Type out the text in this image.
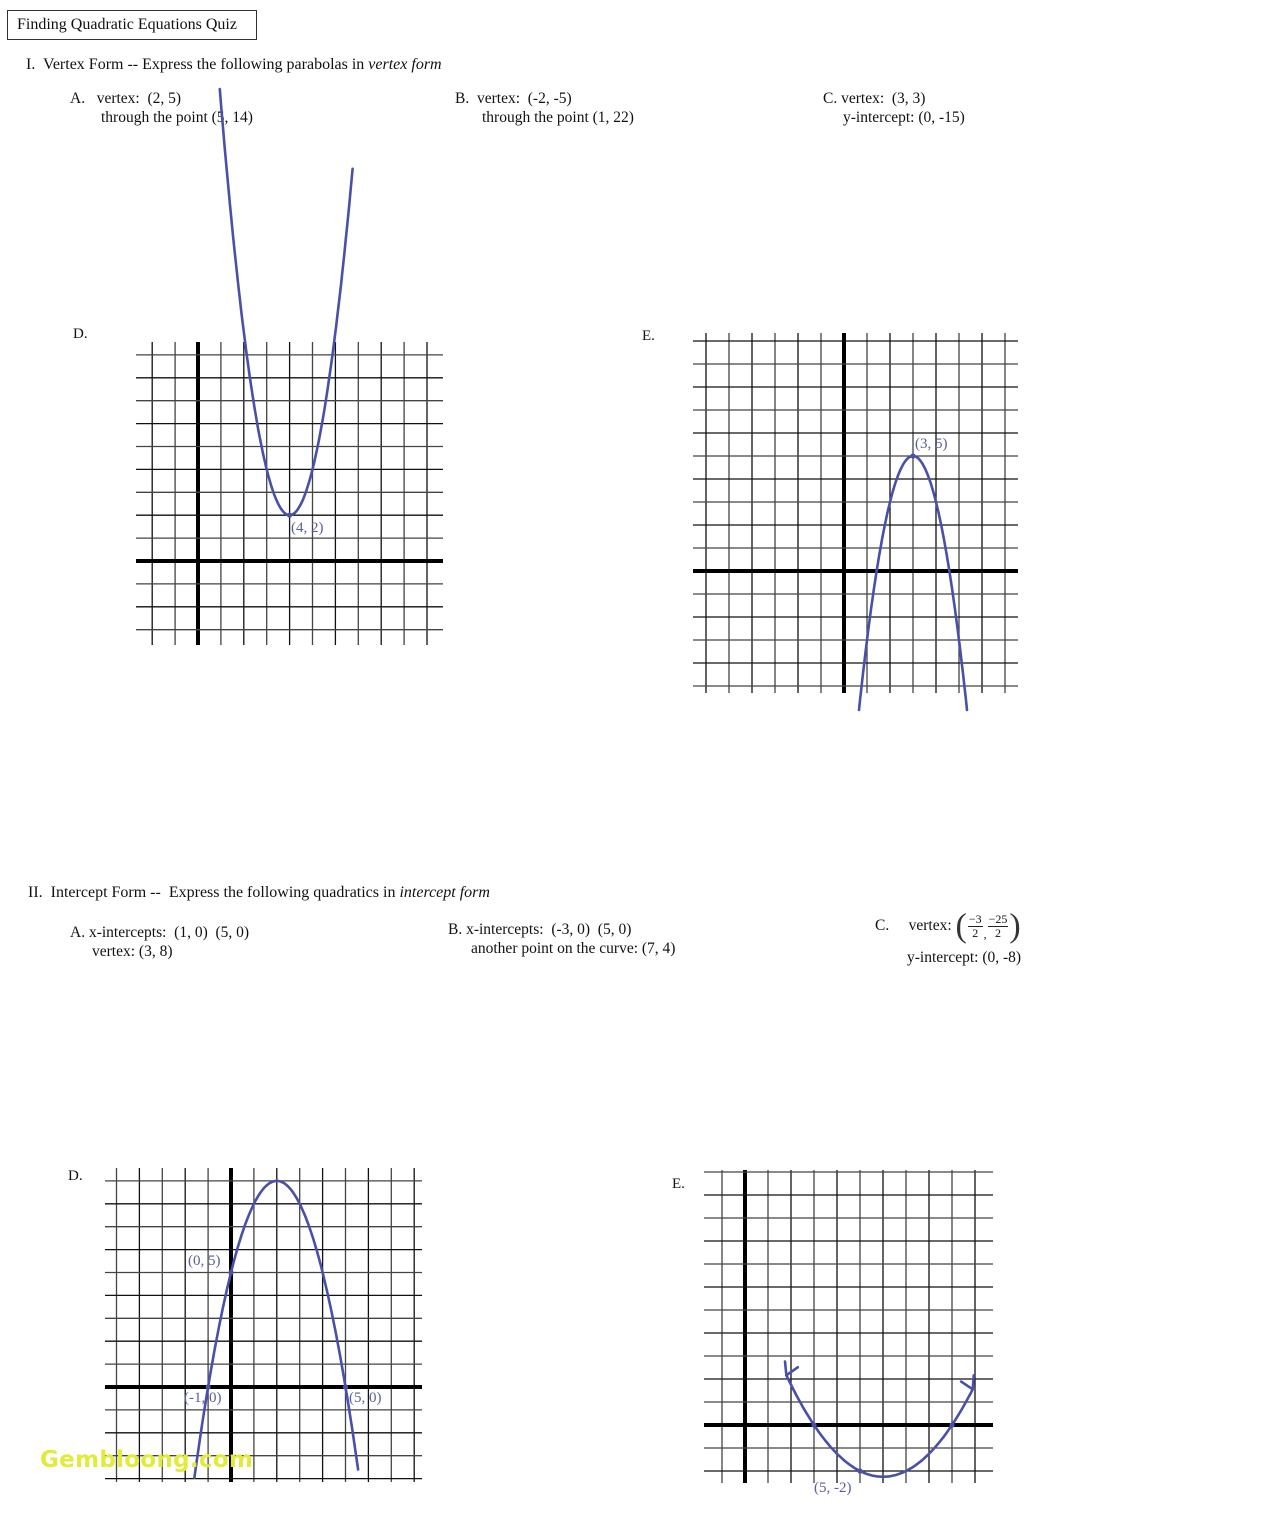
Finding Quadratic Equations Quiz
I.  Vertex Form -- Express the following parabolas in vertex form
A. vertex:  (2, 5)
through the point (5, 14)
B. vertex:  (-2, -5)
through the point (1, 22)
C. vertex:  (3, 3)
y-intercept: (0, -15)
D.
(4, 2)
E.
(3, 5)
II.  Intercept Form --  Express the following quadratics in intercept form
A. x-intercepts:  (1, 0)  (5, 0)
vertex: (3, 8)
B. x-intercepts:  (-3, 0)  (5, 0)
another point on the curve: (7, 4)
C. vertex: ( $\frac{-3}{2} _, \frac{-25}{2}$ )
y-intercept: (0, -8)
D.
(0, 5)
(-1, 0)	(5, 0)
E.
(5, -2)
Gembloong.com
